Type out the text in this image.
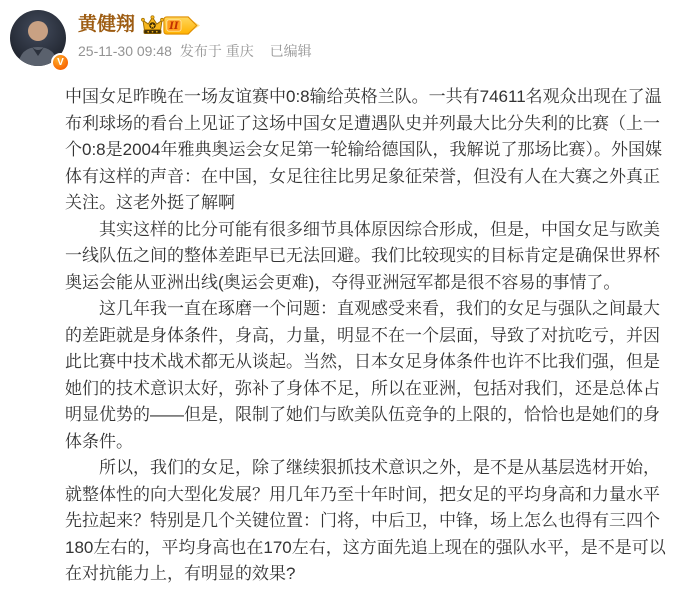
V
黄健翔	II
25-11-30 09:48 发布于 重庆 已编辑

中国女足昨晚在一场友谊赛中0:8输给英格兰队。一共有74611名观众出现在了温布利球场的看台上见证了这场中国女足遭遇队史并列最大比分失利的比赛（上一个0:8是2004年雅典奥运会女足第一轮输给德国队，我解说了那场比赛）。外国媒体有这样的声音：在中国，女足往往比男足象征荣誉，但没有人在大赛之外真正关注。这老外挺了解啊

　　其实这样的比分可能有很多细节具体原因综合形成，但是，中国女足与欧美一线队伍之间的整体差距早已无法回避。我们比较现实的目标肯定是确保世界杯奥运会能从亚洲出线(奥运会更难)，夺得亚洲冠军都是很不容易的事情了。

　　这几年我一直在琢磨一个问题：直观感受来看，我们的女足与强队之间最大的差距就是身体条件，身高，力量，明显不在一个层面，导致了对抗吃亏，并因此比赛中技术战术都无从谈起。当然，日本女足身体条件也许不比我们强，但是她们的技术意识太好，弥补了身体不足，所以在亚洲，包括对我们，还是总体占明显优势的——但是，限制了她们与欧美队伍竞争的上限的，恰恰也是她们的身体条件。

　　所以，我们的女足，除了继续狠抓技术意识之外，是不是从基层选材开始，就整体性的向大型化发展？用几年乃至十年时间，把女足的平均身高和力量水平先拉起来？特别是几个关键位置：门将，中后卫，中锋，场上怎么也得有三四个180左右的，平均身高也在170左右，这方面先追上现在的强队水平，是不是可以在对抗能力上，有明显的效果?
